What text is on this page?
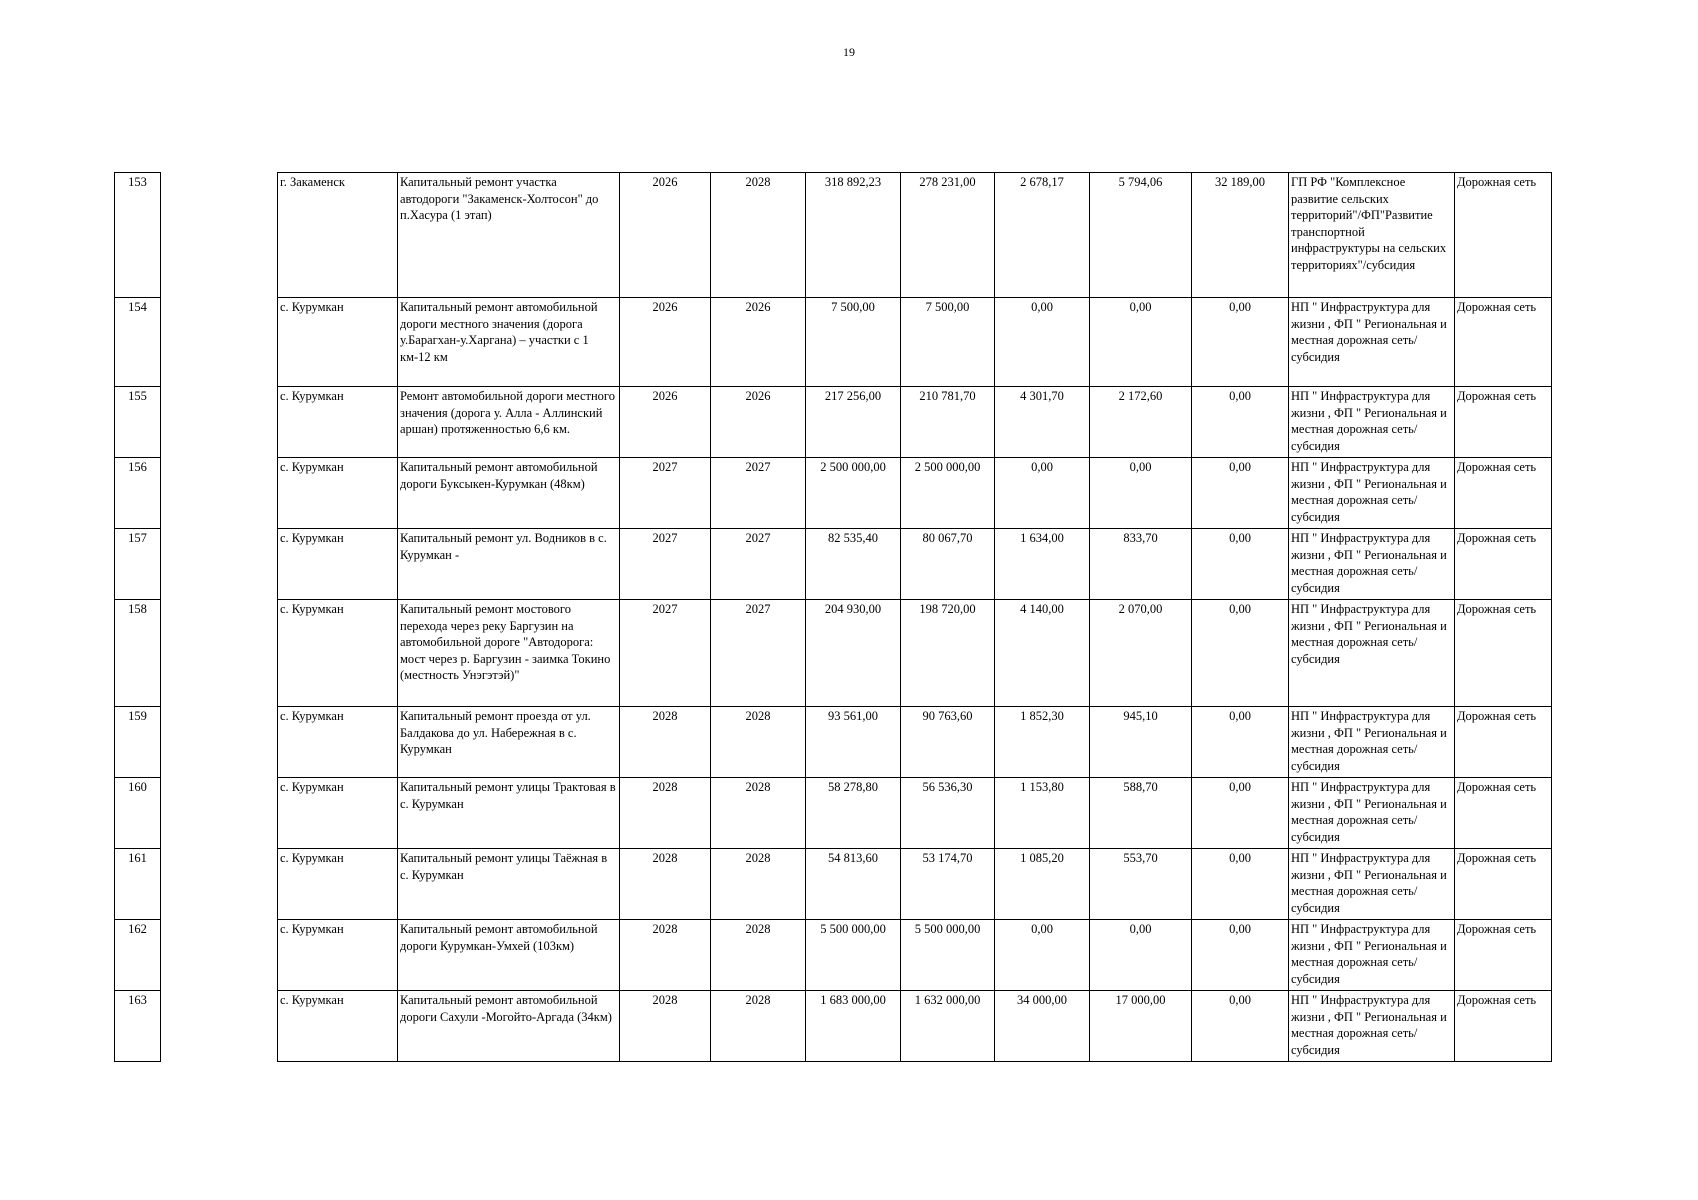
19
153		г. Закаменск	Капитальный ремонт участка автодороги "Закаменск-Холтосон" до п.Хасура (1 этап)	2026	2028	318 892,23	278 231,00	2 678,17	5 794,06	32 189,00	ГП РФ "Комплексное развитие сельских территорий"/ФП"Развитие транспортной инфраструктуры на сельских территориях"/субсидия	Дорожная сеть
154		с. Курумкан	Капитальный ремонт автомобильной дороги местного значения (дорога у.Барагхан-у.Харгана) – участки с 1 км-12 км	2026	2026	7 500,00	7 500,00	0,00	0,00	0,00	НП " Инфраструктура для жизни , ФП " Региональная и местная дорожная сеть/субсидия	Дорожная сеть
155		с. Курумкан	Ремонт автомобильной дороги местного значения (дорога у. Алла - Аллинский аршан) протяженностью 6,6 км.	2026	2026	217 256,00	210 781,70	4 301,70	2 172,60	0,00	НП " Инфраструктура для жизни , ФП " Региональная и местная дорожная сеть/субсидия	Дорожная сеть
156		с. Курумкан	Капитальный ремонт автомобильной дороги Буксыкен-Курумкан (48км)	2027	2027	2 500 000,00	2 500 000,00	0,00	0,00	0,00	НП " Инфраструктура для жизни , ФП " Региональная и местная дорожная сеть/субсидия	Дорожная сеть
157		с. Курумкан	Капитальный ремонт ул. Водников в с. Курумкан -	2027	2027	82 535,40	80 067,70	1 634,00	833,70	0,00	НП " Инфраструктура для жизни , ФП " Региональная и местная дорожная сеть/субсидия	Дорожная сеть
158		с. Курумкан	Капитальный ремонт мостового перехода через реку Баргузин на автомобильной дороге "Автодорога: мост через р. Баргузин - заимка Токино (местность Унэгэтэй)"	2027	2027	204 930,00	198 720,00	4 140,00	2 070,00	0,00	НП " Инфраструктура для жизни , ФП " Региональная и местная дорожная сеть/субсидия	Дорожная сеть
159		с. Курумкан	Капитальный ремонт проезда от ул. Балдакова до ул. Набережная в с. Курумкан	2028	2028	93 561,00	90 763,60	1 852,30	945,10	0,00	НП " Инфраструктура для жизни , ФП " Региональная и местная дорожная сеть/субсидия	Дорожная сеть
160		с. Курумкан	Капитальный ремонт улицы Трактовая в с. Курумкан	2028	2028	58 278,80	56 536,30	1 153,80	588,70	0,00	НП " Инфраструктура для жизни , ФП " Региональная и местная дорожная сеть/субсидия	Дорожная сеть
161		с. Курумкан	Капитальный ремонт улицы Таёжная в с. Курумкан	2028	2028	54 813,60	53 174,70	1 085,20	553,70	0,00	НП " Инфраструктура для жизни , ФП " Региональная и местная дорожная сеть/субсидия	Дорожная сеть
162		с. Курумкан	Капитальный ремонт автомобильной дороги Курумкан-Умхей (103км)	2028	2028	5 500 000,00	5 500 000,00	0,00	0,00	0,00	НП " Инфраструктура для жизни , ФП " Региональная и местная дорожная сеть/субсидия	Дорожная сеть
163		с. Курумкан	Капитальный ремонт автомобильной дороги Сахули -Могойто-Аргада (34км)	2028	2028	1 683 000,00	1 632 000,00	34 000,00	17 000,00	0,00	НП " Инфраструктура для жизни , ФП " Региональная и местная дорожная сеть/субсидия	Дорожная сеть
